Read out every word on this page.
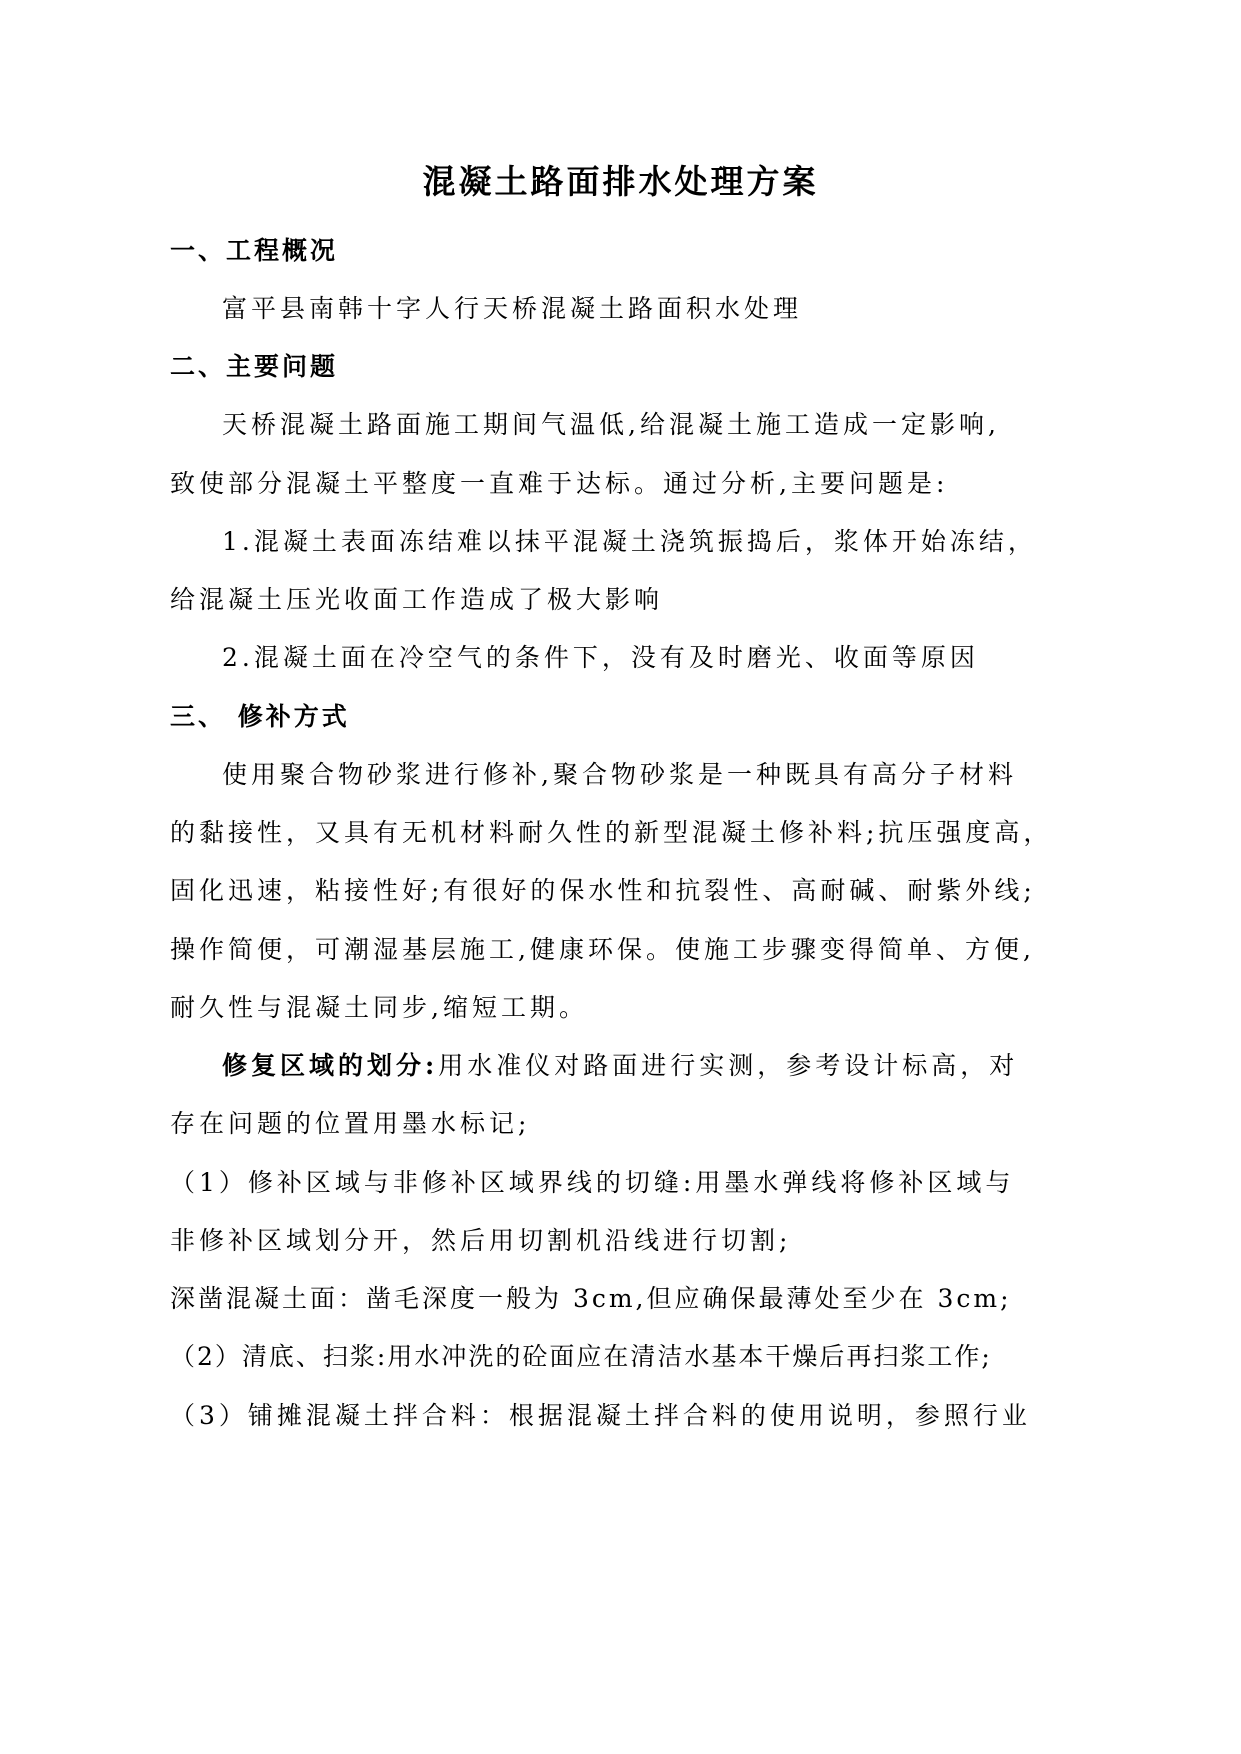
混凝土路面排水处理方案
一、工程概况
富平县南韩十字人行天桥混凝土路面积水处理
二、主要问题
天桥混凝土路面施工期间气温低,给混凝土施工造成一定影响,
致使部分混凝土平整度一直难于达标。通过分析,主要问题是:
1.混凝土表面冻结难以抹平混凝土浇筑振捣后，浆体开始冻结，
给混凝土压光收面工作造成了极大影响
2.混凝土面在冷空气的条件下，没有及时磨光、收面等原因
三、 修补方式
使用聚合物砂浆进行修补,聚合物砂浆是一种既具有高分子材料
的黏接性，又具有无机材料耐久性的新型混凝土修补料;抗压强度高，
固化迅速，粘接性好;有很好的保水性和抗裂性、高耐碱、耐紫外线;
操作简便，可潮湿基层施工,健康环保。使施工步骤变得简单、方便,
耐久性与混凝土同步,缩短工期。
修复区域的划分:用水准仪对路面进行实测，参考设计标高，对
存在问题的位置用墨水标记;
（1）修补区域与非修补区域界线的切缝:用墨水弹线将修补区域与
非修补区域划分开，然后用切割机沿线进行切割;
深凿混凝土面：凿毛深度一般为 3cm,但应确保最薄处至少在 3cm;
（2）清底、扫浆:用水冲洗的砼面应在清洁水基本干燥后再扫浆工作;
（3）铺摊混凝土拌合料：根据混凝土拌合料的使用说明，参照行业
